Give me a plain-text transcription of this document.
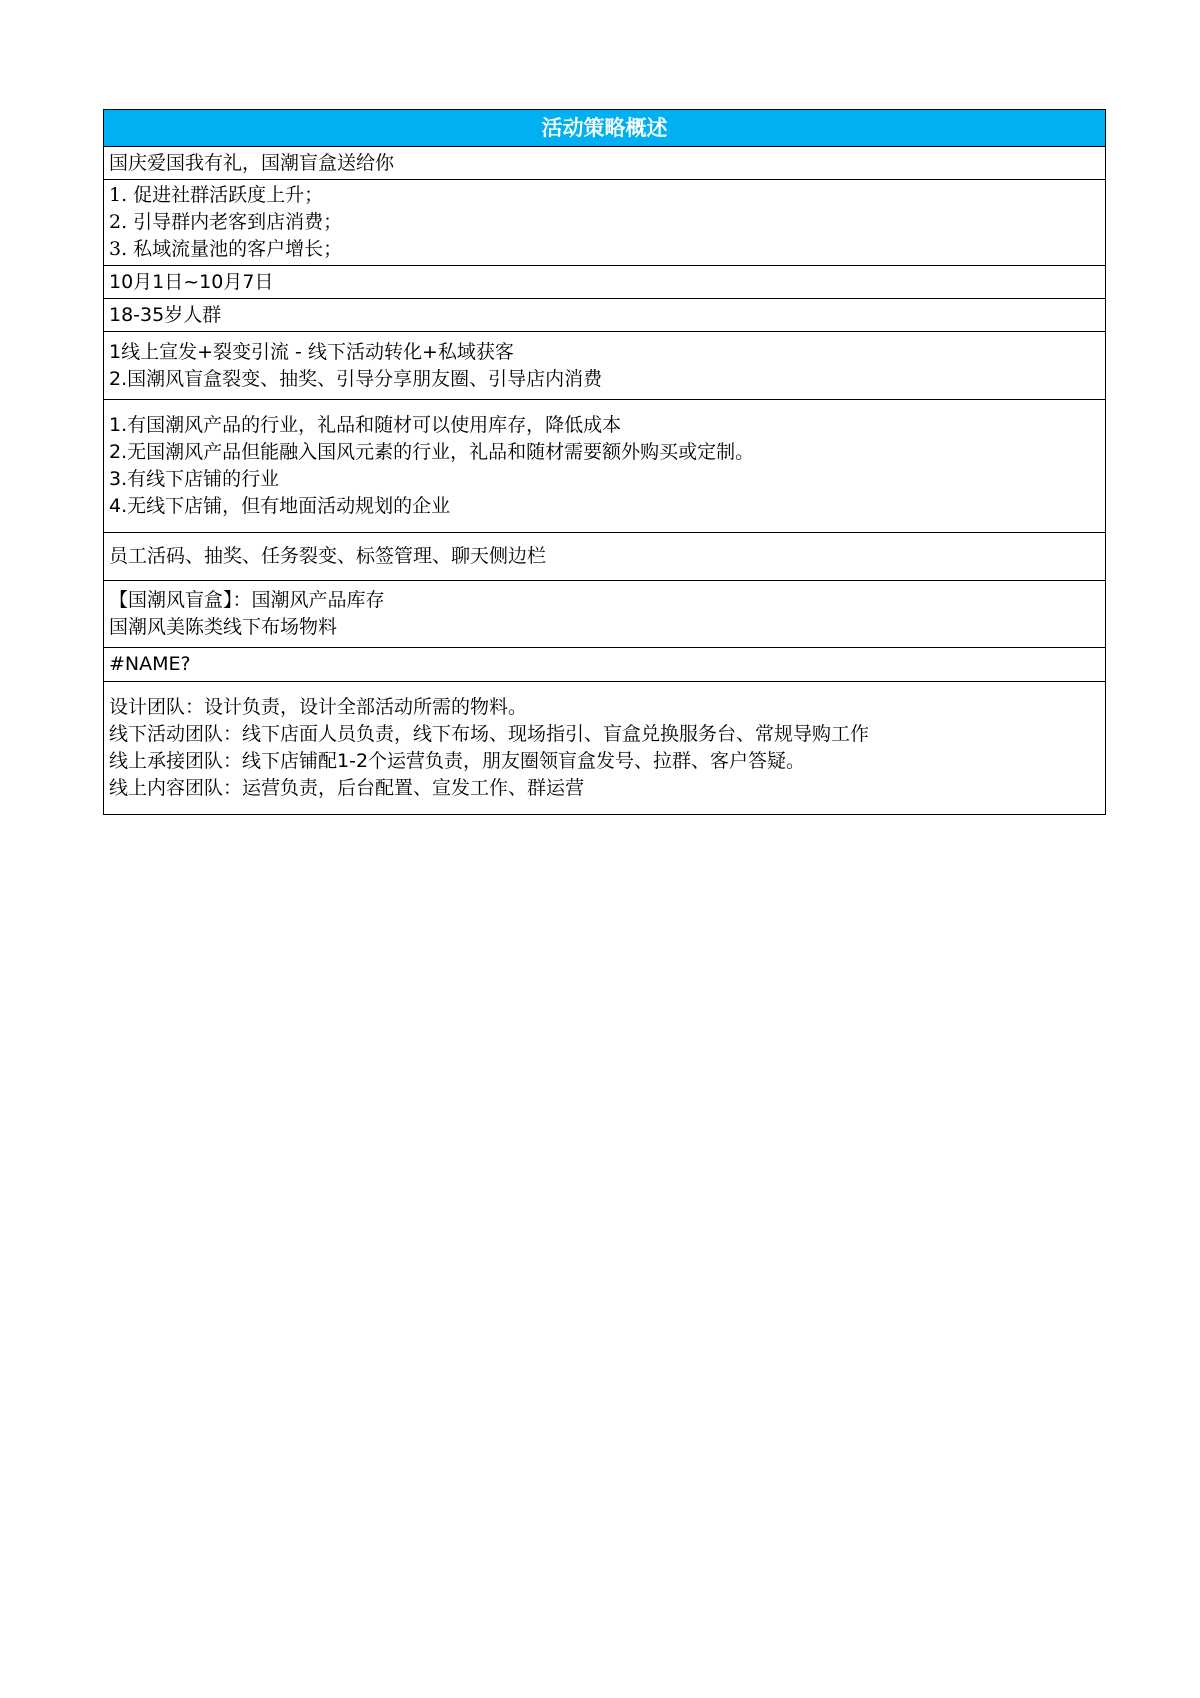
活动策略概述
国庆爱国我有礼，国潮盲盒送给你

1. 促进社群活跃度上升；
2. 引导群内老客到店消费；
3. 私域流量池的客户增长；

10月1日~10月7日
18-35岁人群

1线上宣发+裂变引流 - 线下活动转化+私域获客
2.国潮风盲盒裂变、抽奖、引导分享朋友圈、引导店内消费

1.有国潮风产品的行业，礼品和随材可以使用库存，降低成本
2.无国潮风产品但能融入国风元素的行业，礼品和随材需要额外购买或定制。
3.有线下店铺的行业
4.无线下店铺，但有地面活动规划的企业

员工活码、抽奖、任务裂变、标签管理、聊天侧边栏

【国潮风盲盒】：国潮风产品库存
国潮风美陈类线下布场物料

#NAME?

设计团队：设计负责，设计全部活动所需的物料。
线下活动团队：线下店面人员负责，线下布场、现场指引、盲盒兑换服务台、常规导购工作
线上承接团队：线下店铺配1-2个运营负责，朋友圈领盲盒发号、拉群、客户答疑。
线上内容团队：运营负责，后台配置、宣发工作、群运营
